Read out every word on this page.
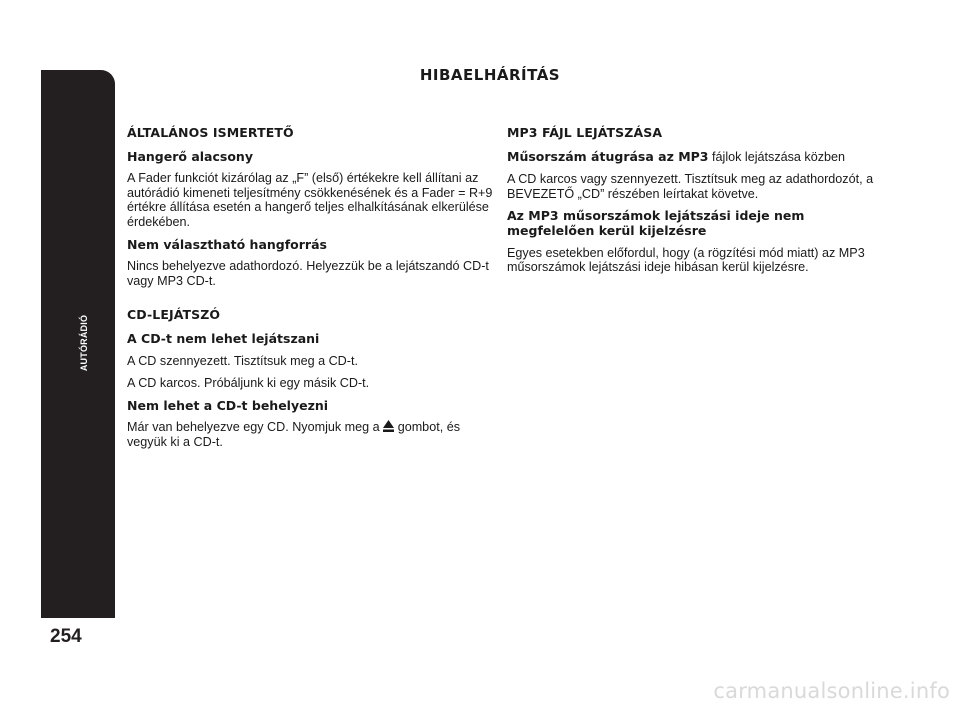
AUTÓRÁDIÓ
254
HIBAELHÁRÍTÁS
ÁLTALÁNOS ISMERTETŐ
Hangerő alacsony
A Fader funkciót kizárólag az „F” (első) értékekre kell állítani az autórádió kimeneti teljesítmény csökkenésének és a Fader = R+9 értékre állítása esetén a hangerő teljes elhalkításának elkerülése érdekében.
Nem választható hangforrás
Nincs behelyezve adathordozó. Helyezzük be a lejátszandó CD-t vagy MP3 CD-t.
CD-LEJÁTSZÓ
A CD-t nem lehet lejátszani
A CD szennyezett. Tisztítsuk meg a CD-t.
A CD karcos. Próbáljunk ki egy másik CD-t.
Nem lehet a CD-t behelyezni
Már van behelyezve egy CD. Nyomjuk meg a gombot, és vegyük ki a CD-t.
MP3 FÁJL LEJÁTSZÁSA
Műsorszám átugrása az MP3 fájlok lejátszása közben
A CD karcos vagy szennyezett. Tisztítsuk meg az adathordozót, a BEVEZETŐ „CD” részében leírtakat követve.
Az MP3 műsorszámok lejátszási ideje nem megfelelően kerül kijelzésre
Egyes esetekben előfordul, hogy (a rögzítési mód miatt) az MP3 műsorszámok lejátszási ideje hibásan kerül kijelzésre.
carmanualsonline.info
